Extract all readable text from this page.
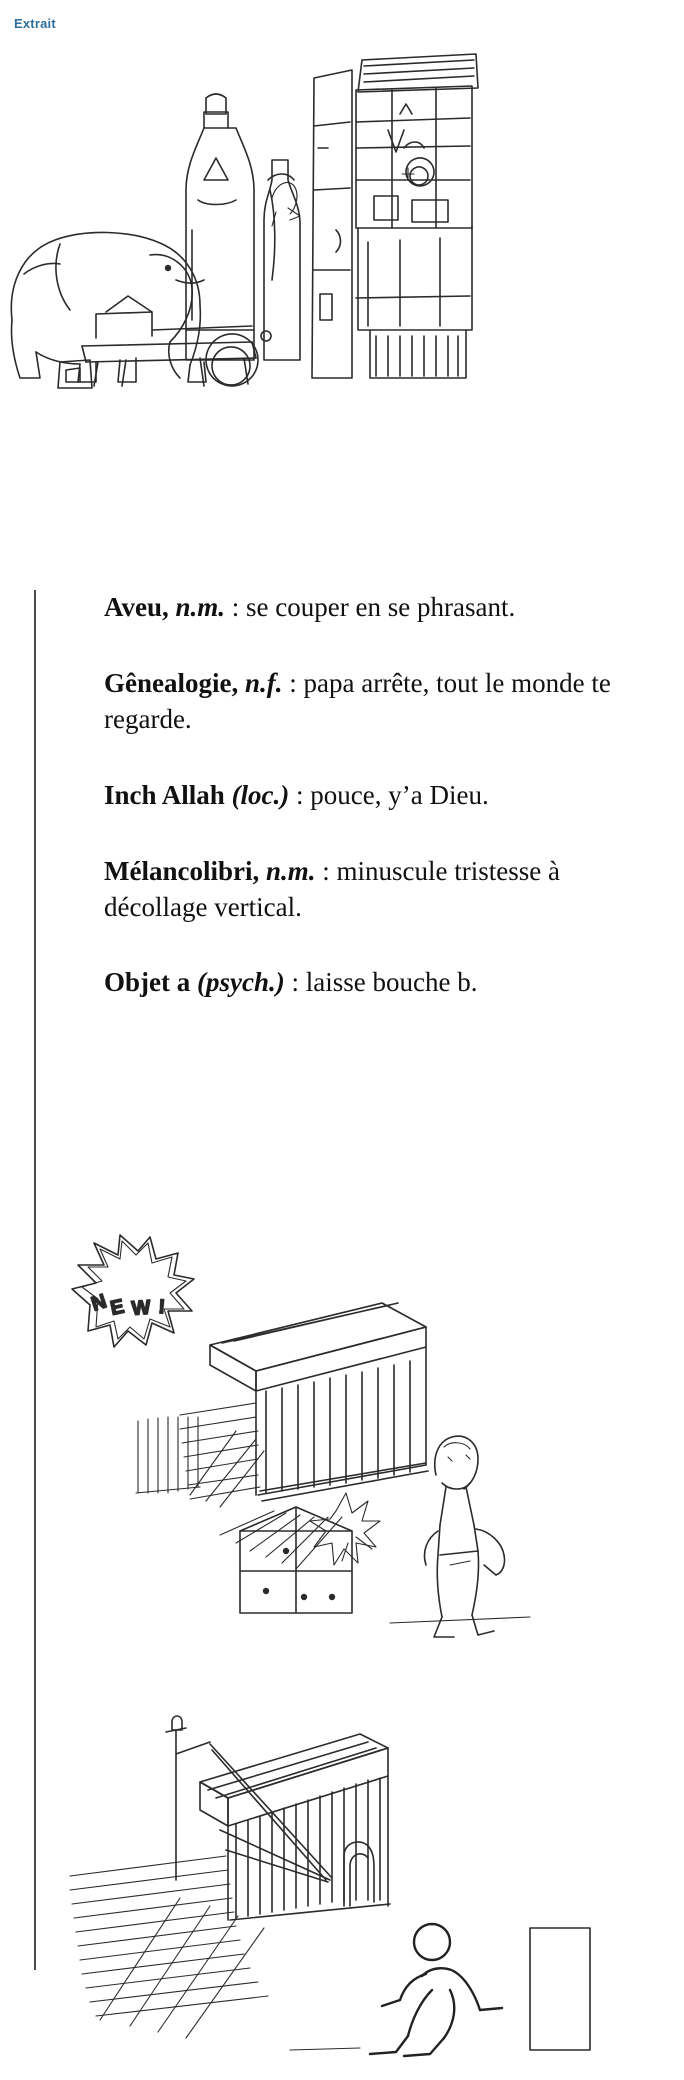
Extrait
Aveu, n.m. : se couper en se phrasant.
Gênealogie, n.f. : papa arrête, tout le monde te regarde.
Inch Allah (loc.) : pouce, y’a Dieu.
Mélancolibri, n.m. : minuscule tristesse à décollage vertical.
Objet a (psych.) : laisse bouche b.
N E W !
